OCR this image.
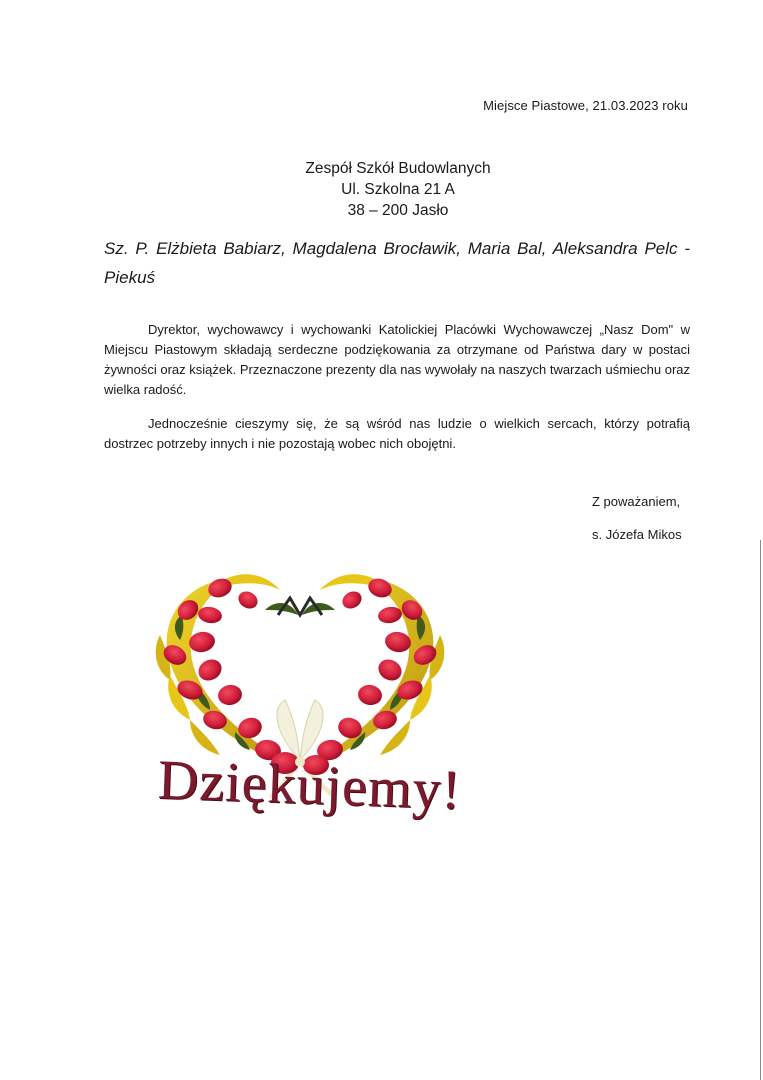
Miejsce Piastowe, 21.03.2023 roku
Zespół Szkół Budowlanych
Ul. Szkolna 21 A
38 – 200 Jasło
Sz. P. Elżbieta Babiarz, Magdalena Brocławik, Maria Bal, Aleksandra Pelc - Piekuś

Dyrektor, wychowawcy i wychowanki Katolickiej Placówki Wychowawczej „Nasz Dom" w Miejscu Piastowym składają serdeczne podziękowania za otrzymane od Państwa dary w postaci żywności oraz książek. Przeznaczone prezenty dla nas wywołały na naszych twarzach uśmiechu oraz wielka radość.

Jednocześnie cieszymy się, że są wśród nas ludzie o wielkich sercach, którzy potrafią dostrzec potrzeby innych i nie pozostają wobec nich obojętni.

Z poważaniem,
s. Józefa Mikos
Dziękujemy!
